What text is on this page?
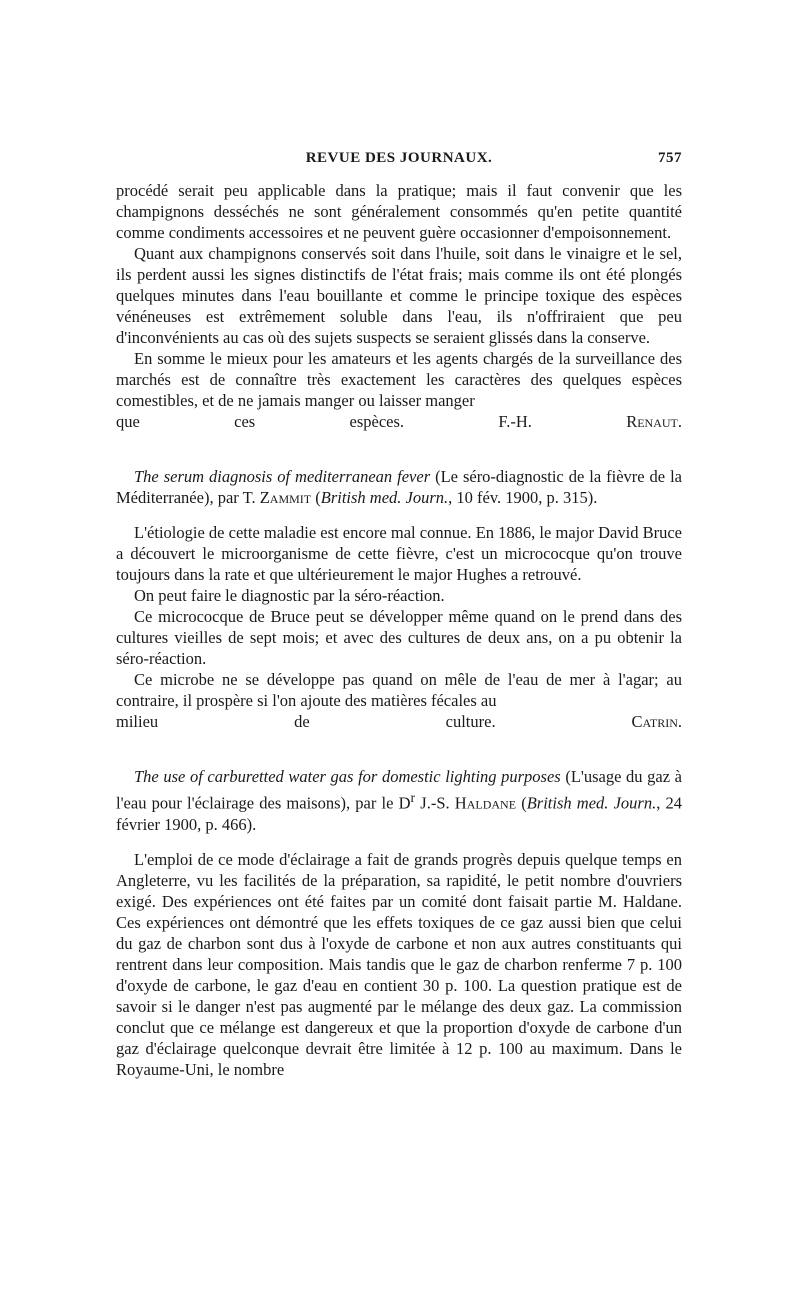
REVUE DES JOURNAUX.	757

procédé serait peu applicable dans la pratique; mais il faut convenir que les champignons desséchés ne sont généralement consommés qu'en petite quantité comme condiments accessoires et ne peuvent guère occasionner d'empoisonnement.

Quant aux champignons conservés soit dans l'huile, soit dans le vinaigre et le sel, ils perdent aussi les signes distinctifs de l'état frais; mais comme ils ont été plongés quelques minutes dans l'eau bouillante et comme le principe toxique des espèces vénéneuses est extrêmement soluble dans l'eau, ils n'offriraient que peu d'inconvénients au cas où des sujets suspects se seraient glissés dans la conserve.

En somme le mieux pour les amateurs et les agents chargés de la surveillance des marchés est de connaître très exactement les caractères des quelques espèces comestibles, et de ne jamais manger ou laisser manger

que ces espèces.	F.-H. Renaut.

The serum diagnosis of mediterranean fever (Le séro-diagnostic de la fièvre de la Méditerranée), par T. Zammit (British med. Journ., 10 fév. 1900, p. 315).

L'étiologie de cette maladie est encore mal connue. En 1886, le major David Bruce a découvert le microorganisme de cette fièvre, c'est un micrococque qu'on trouve toujours dans la rate et que ultérieurement le major Hughes a retrouvé.

On peut faire le diagnostic par la séro-réaction.

Ce micrococque de Bruce peut se développer même quand on le prend dans des cultures vieilles de sept mois; et avec des cultures de deux ans, on a pu obtenir la séro-réaction.

Ce microbe ne se développe pas quand on mêle de l'eau de mer à l'agar; au contraire, il prospère si l'on ajoute des matières fécales au

milieu de culture.	Catrin.

The use of carburetted water gas for domestic lighting purposes (L'usage du gaz à l'eau pour l'éclairage des maisons), par le $D^r$ J.-S. Haldane (British med. Journ., 24 février 1900, p. 466).

L'emploi de ce mode d'éclairage a fait de grands progrès depuis quelque temps en Angleterre, vu les facilités de la préparation, sa rapidité, le petit nombre d'ouvriers exigé. Des expériences ont été faites par un comité dont faisait partie M. Haldane. Ces expériences ont démontré que les effets toxiques de ce gaz aussi bien que celui du gaz de charbon sont dus à l'oxyde de carbone et non aux autres constituants qui rentrent dans leur composition. Mais tandis que le gaz de charbon renferme 7 p. 100 d'oxyde de carbone, le gaz d'eau en contient 30 p. 100. La question pratique est de savoir si le danger n'est pas augmenté par le mélange des deux gaz. La commission conclut que ce mélange est dangereux et que la proportion d'oxyde de carbone d'un gaz d'éclairage quelconque devrait être limitée à 12 p. 100 au maximum. Dans le Royaume-Uni, le nombre
